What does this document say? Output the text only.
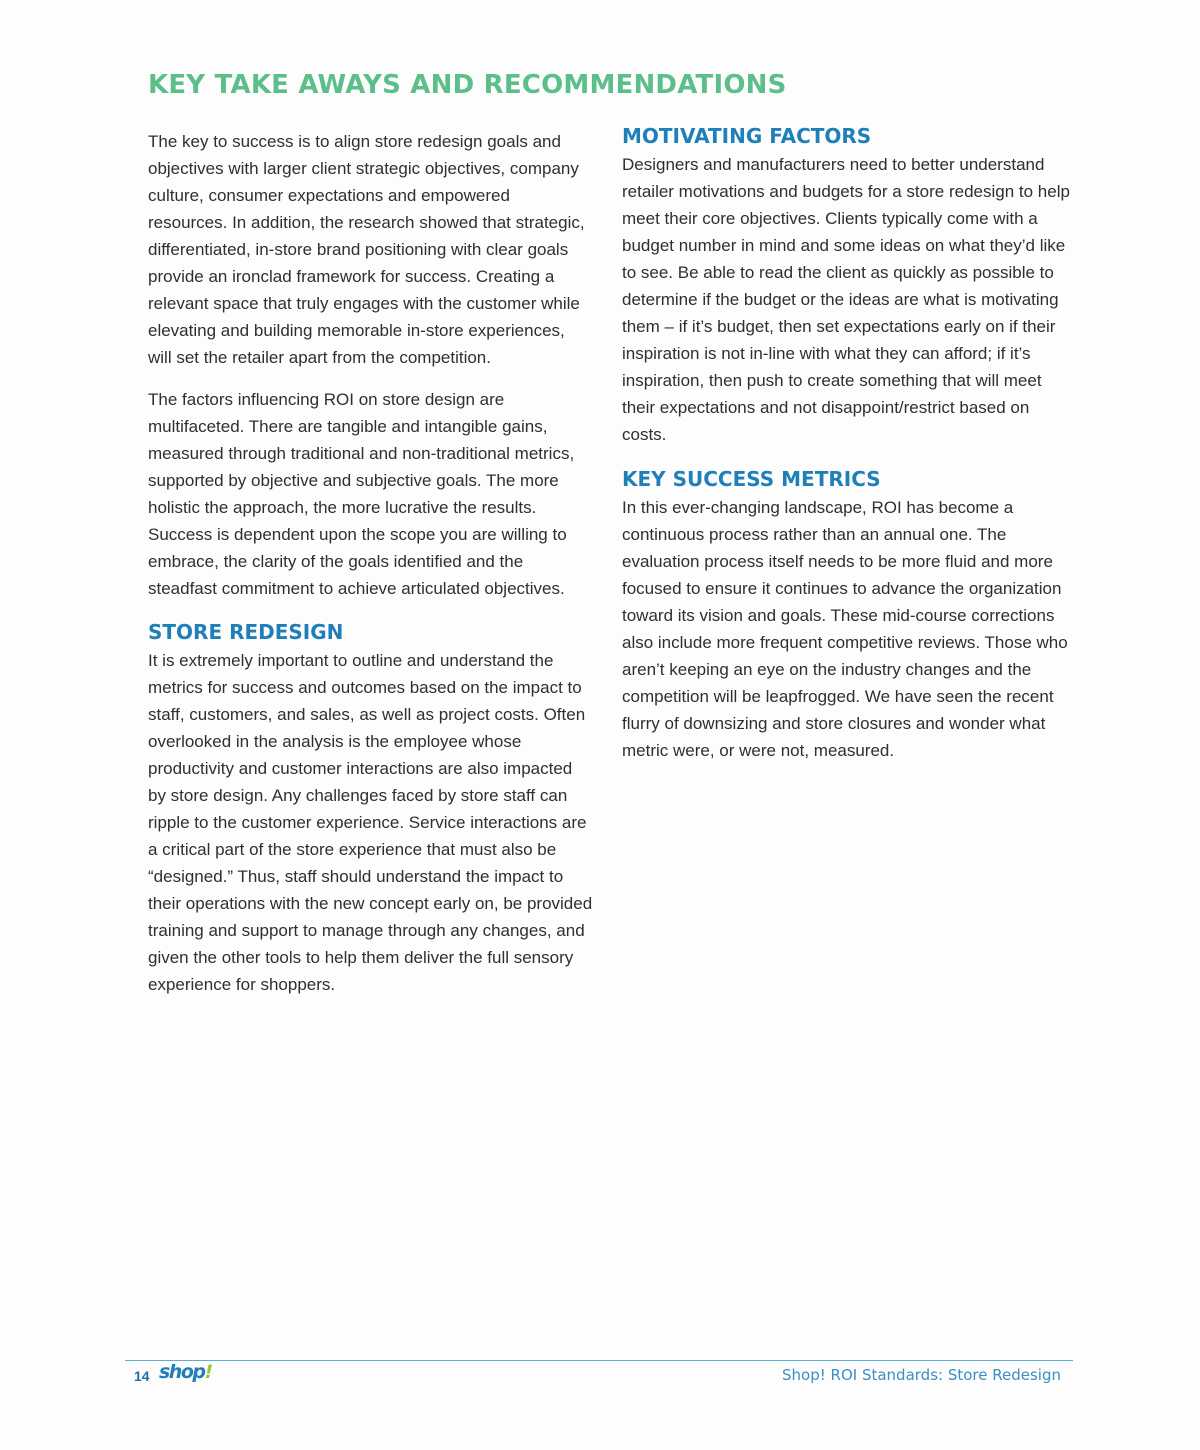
KEY TAKE AWAYS AND RECOMMENDATIONS

The key to success is to align store redesign goals and objectives with larger client strategic objectives, company culture, consumer expectations and empowered resources. In addition, the research showed that strategic, differentiated, in-store brand positioning with clear goals provide an ironclad framework for success. Creating a relevant space that truly engages with the customer while elevating and building memorable in-store experiences, will set the retailer apart from the competition.

The factors influencing ROI on store design are multifaceted. There are tangible and intangible gains, measured through traditional and non-traditional metrics, supported by objective and subjective goals. The more holistic the approach, the more lucrative the results. Success is dependent upon the scope you are willing to embrace, the clarity of the goals identified and the steadfast commitment to achieve articulated objectives.

STORE REDESIGN

It is extremely important to outline and understand the metrics for success and outcomes based on the impact to staff, customers, and sales, as well as project costs. Often overlooked in the analysis is the employee whose productivity and customer interactions are also impacted by store design. Any challenges faced by store staff can ripple to the customer experience. Service interactions are a critical part of the store experience that must also be “designed.” Thus, staff should understand the impact to their operations with the new concept early on, be provided training and support to manage through any changes, and given the other tools to help them deliver the full sensory experience for shoppers.

MOTIVATING FACTORS

Designers and manufacturers need to better understand retailer motivations and budgets for a store redesign to help meet their core objectives. Clients typically come with a budget number in mind and some ideas on what they’d like to see. Be able to read the client as quickly as possible to determine if the budget or the ideas are what is motivating them – if it’s budget, then set expectations early on if their inspiration is not in-line with what they can afford; if it’s inspiration, then push to create something that will meet their expectations and not disappoint/restrict based on costs.

KEY SUCCESS METRICS

In this ever-changing landscape, ROI has become a continuous process rather than an annual one. The evaluation process itself needs to be more fluid and more focused to ensure it continues to advance the organization toward its vision and goals. These mid-course corrections also include more frequent competitive reviews. Those who aren’t keeping an eye on the industry changes and the competition will be leapfrogged. We have seen the recent flurry of downsizing and store closures and wonder what metric were, or were not, measured.

14 shop!	Shop! ROI Standards: Store Redesign
